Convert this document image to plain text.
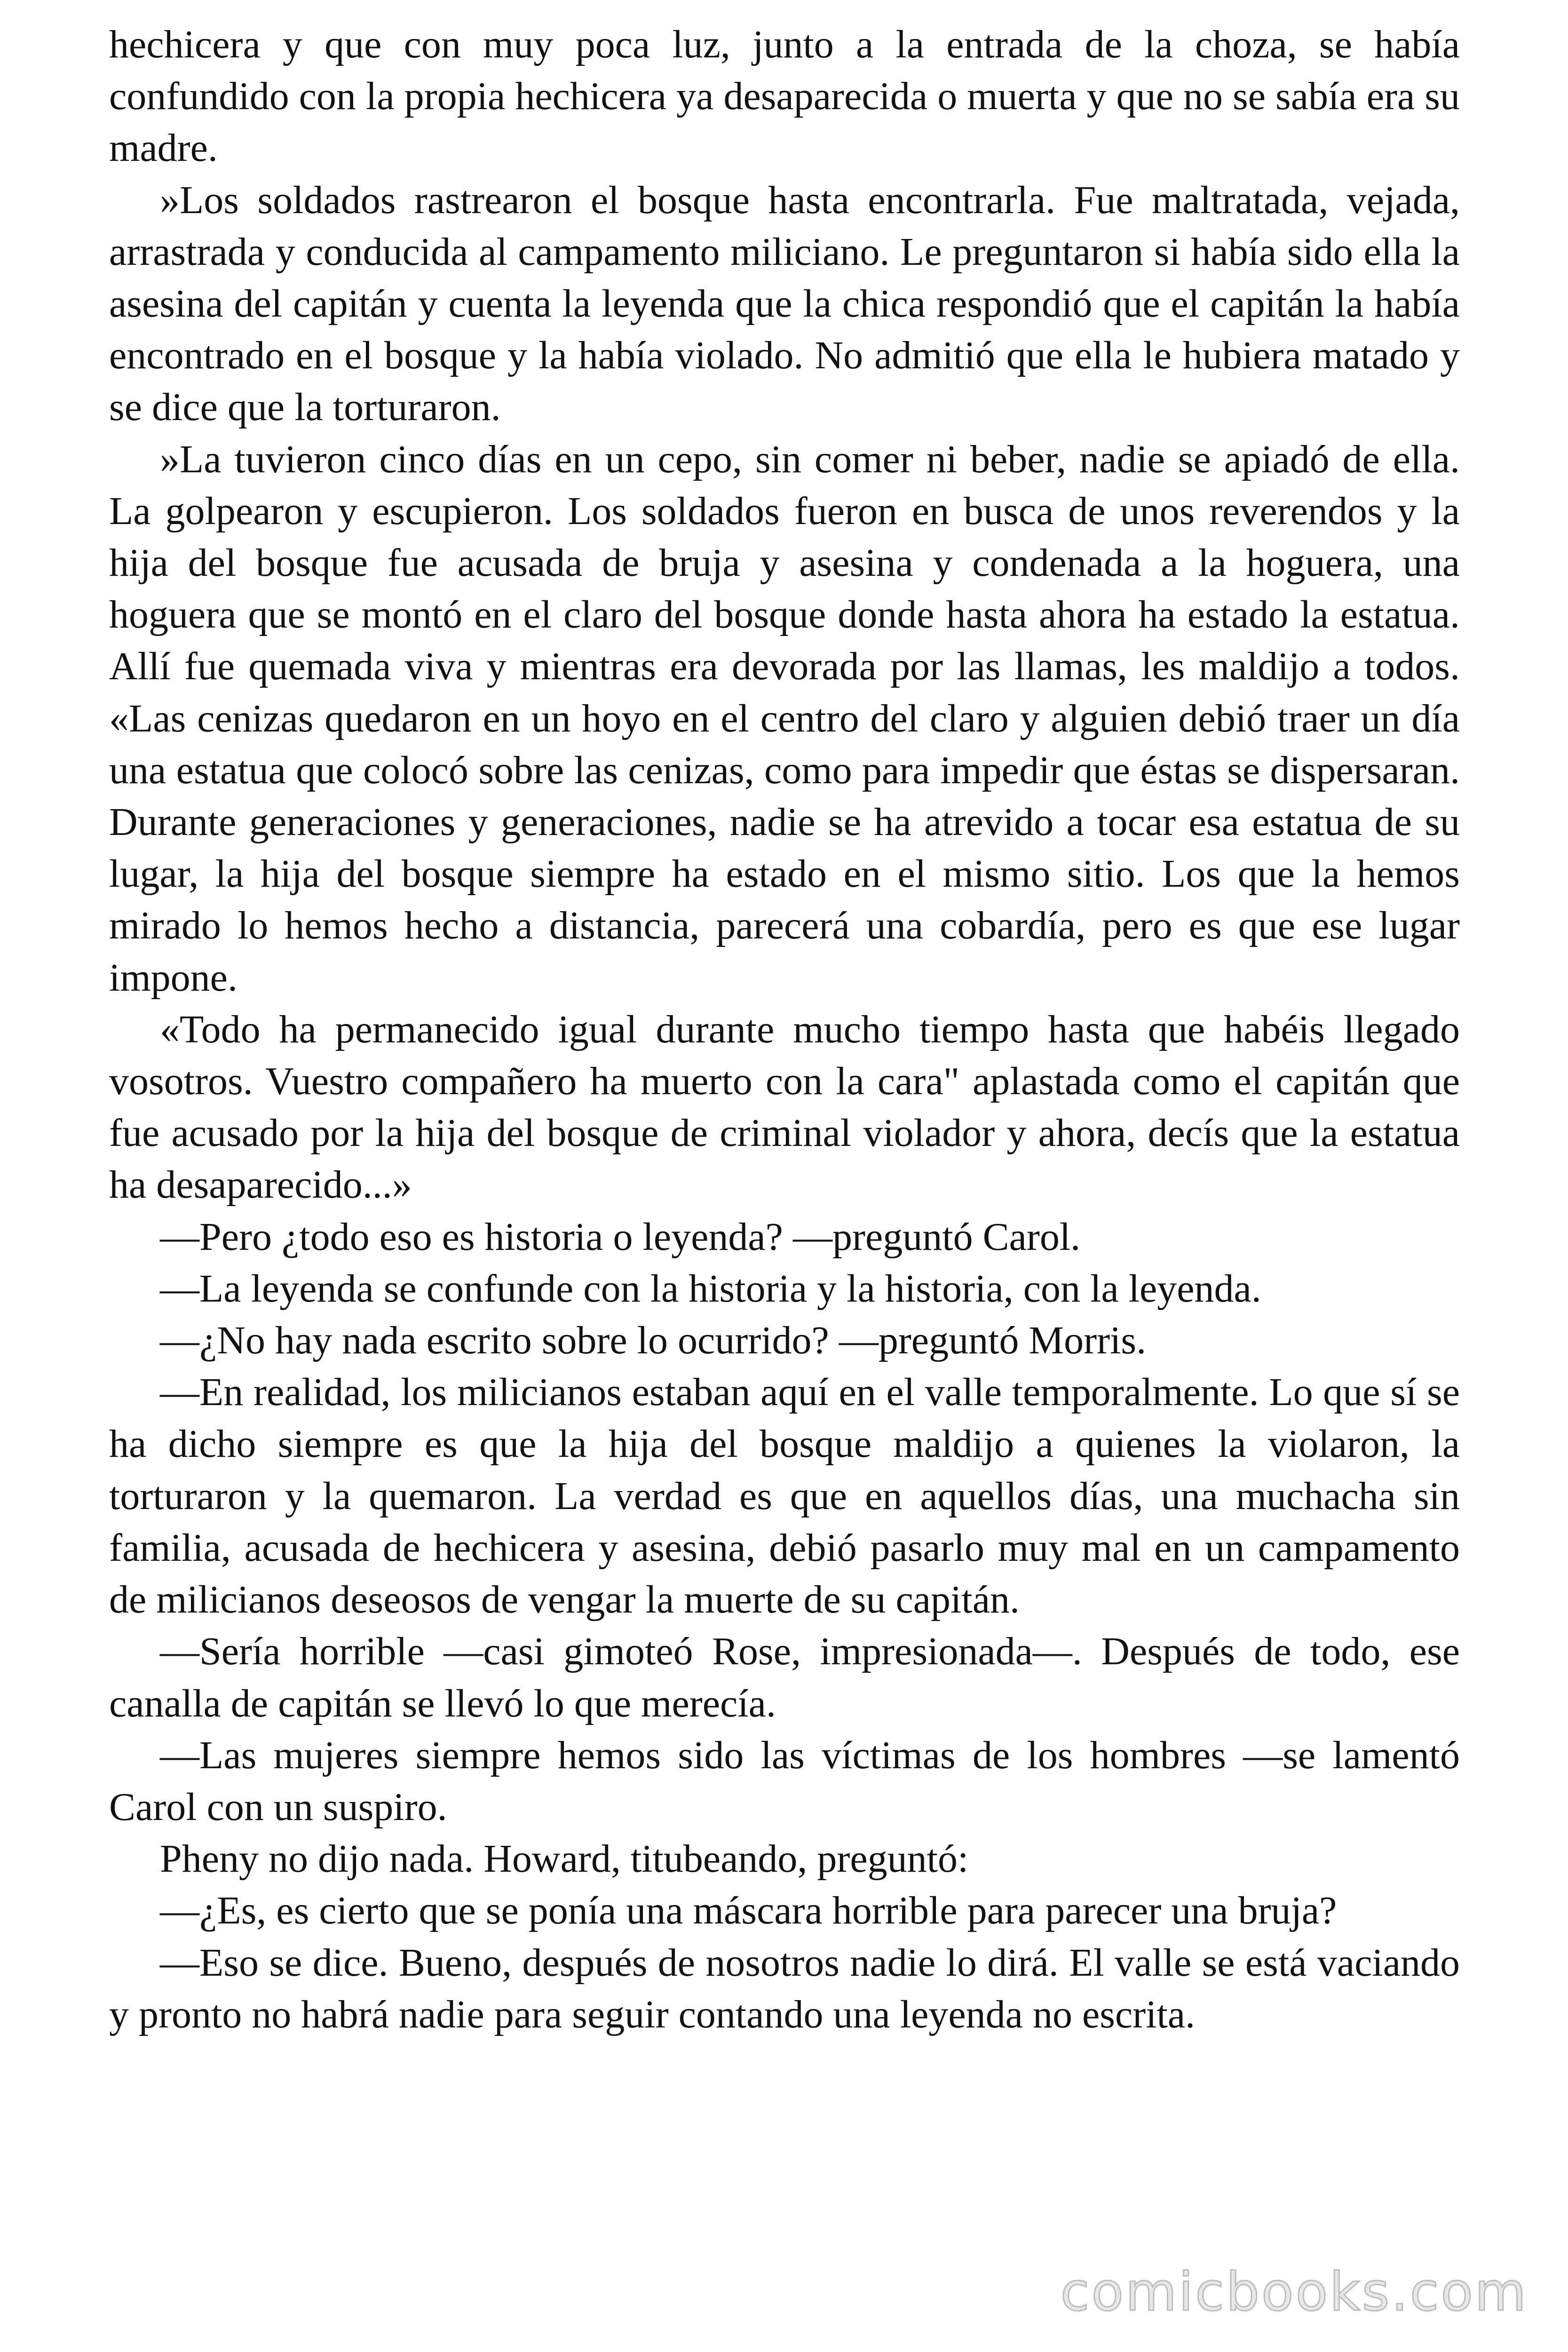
hechicera y que con muy poca luz, junto a la entrada de la choza, se había confundido con la propia hechicera ya desaparecida o muerta y que no se sabía era su madre.

»Los soldados rastrearon el bosque hasta encontrarla. Fue maltratada, vejada, arrastrada y conducida al campamento miliciano. Le preguntaron si había sido ella la asesina del capitán y cuenta la leyenda que la chica respondió que el capitán la había encontrado en el bosque y la había violado. No admitió que ella le hubiera matado y se dice que la torturaron.

»La tuvieron cinco días en un cepo, sin comer ni beber, nadie se apiadó de ella. La golpearon y escupieron. Los soldados fueron en busca de unos reverendos y la hija del bosque fue acusada de bruja y asesina y condenada a la hoguera, una hoguera que se montó en el claro del bosque donde hasta ahora ha estado la estatua. Allí fue quemada viva y mientras era devorada por las llamas, les maldijo a todos. «Las cenizas quedaron en un hoyo en el centro del claro y alguien debió traer un día una estatua que colocó sobre las cenizas, como para impedir que éstas se dispersaran. Durante generaciones y generaciones, nadie se ha atrevido a tocar esa estatua de su lugar, la hija del bosque siempre ha estado en el mismo sitio. Los que la hemos mirado lo hemos hecho a distancia, parecerá una cobardía, pero es que ese lugar impone.

«Todo ha permanecido igual durante mucho tiempo hasta que habéis llegado vosotros. Vuestro compañero ha muerto con la cara" aplastada como el capitán que fue acusado por la hija del bosque de criminal violador y ahora, decís que la estatua ha desaparecido...»

—Pero ¿todo eso es historia o leyenda? —preguntó Carol.

—La leyenda se confunde con la historia y la historia, con la leyenda.

—¿No hay nada escrito sobre lo ocurrido? —preguntó Morris.

—En realidad, los milicianos estaban aquí en el valle temporalmente. Lo que sí se ha dicho siempre es que la hija del bosque maldijo a quienes la violaron, la torturaron y la quemaron. La verdad es que en aquellos días, una muchacha sin familia, acusada de hechicera y asesina, debió pasarlo muy mal en un campamento de milicianos deseosos de vengar la muerte de su capitán.

—Sería horrible —casi gimoteó Rose, impresionada—. Después de todo, ese canalla de capitán se llevó lo que merecía.

—Las mujeres siempre hemos sido las víctimas de los hombres —se lamentó Carol con un suspiro.

Pheny no dijo nada. Howard, titubeando, preguntó:

—¿Es, es cierto que se ponía una máscara horrible para parecer una bruja?

—Eso se dice. Bueno, después de nosotros nadie lo dirá. El valle se está vaciando y pronto no habrá nadie para seguir contando una leyenda no escrita.

comicbooks.com
